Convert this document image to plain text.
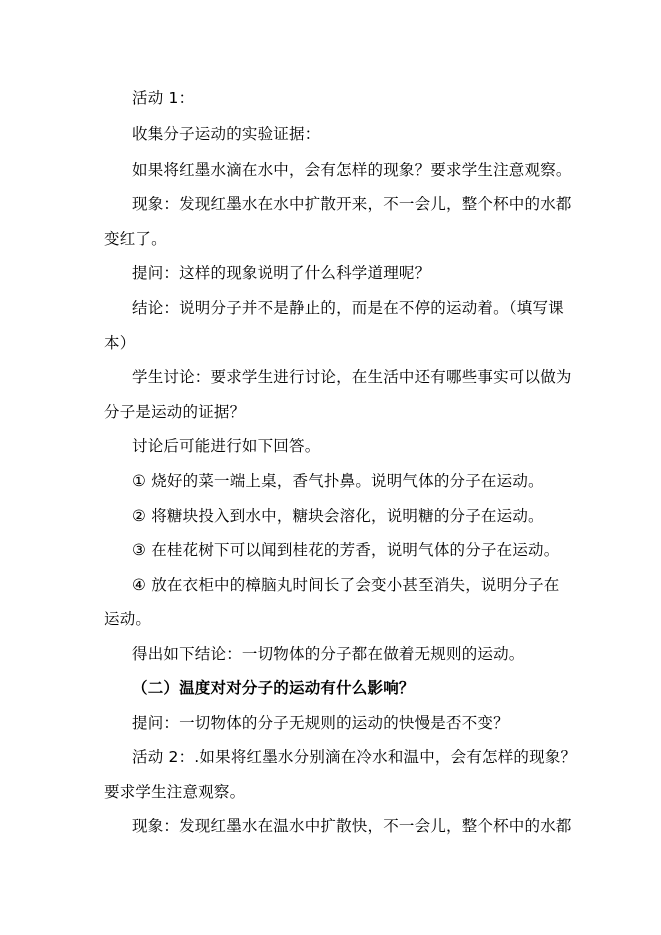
活动 1：
收集分子运动的实验证据：
如果将红墨水滴在水中，会有怎样的现象？要求学生注意观察。
现象：发现红墨水在水中扩散开来，不一会儿，整个杯中的水都
变红了。
提问：这样的现象说明了什么科学道理呢？
结论：说明分子并不是静止的，而是在不停的运动着。（填写课
本）
学生讨论：要求学生进行讨论，在生活中还有哪些事实可以做为
分子是运动的证据？
讨论后可能进行如下回答。
① 烧好的菜一端上桌，香气扑鼻。说明气体的分子在运动。
② 将糖块投入到水中，糖块会溶化，说明糖的分子在运动。
③ 在桂花树下可以闻到桂花的芳香，说明气体的分子在运动。
④ 放在衣柜中的樟脑丸时间长了会变小甚至消失，说明分子在
运动。
得出如下结论：一切物体的分子都在做着无规则的运动。
（二）温度对对分子的运动有什么影响？
提问：一切物体的分子无规则的运动的快慢是否不变？
活动 2：.如果将红墨水分别滴在冷水和温中，会有怎样的现象？
要求学生注意观察。
现象：发现红墨水在温水中扩散快，不一会儿，整个杯中的水都
